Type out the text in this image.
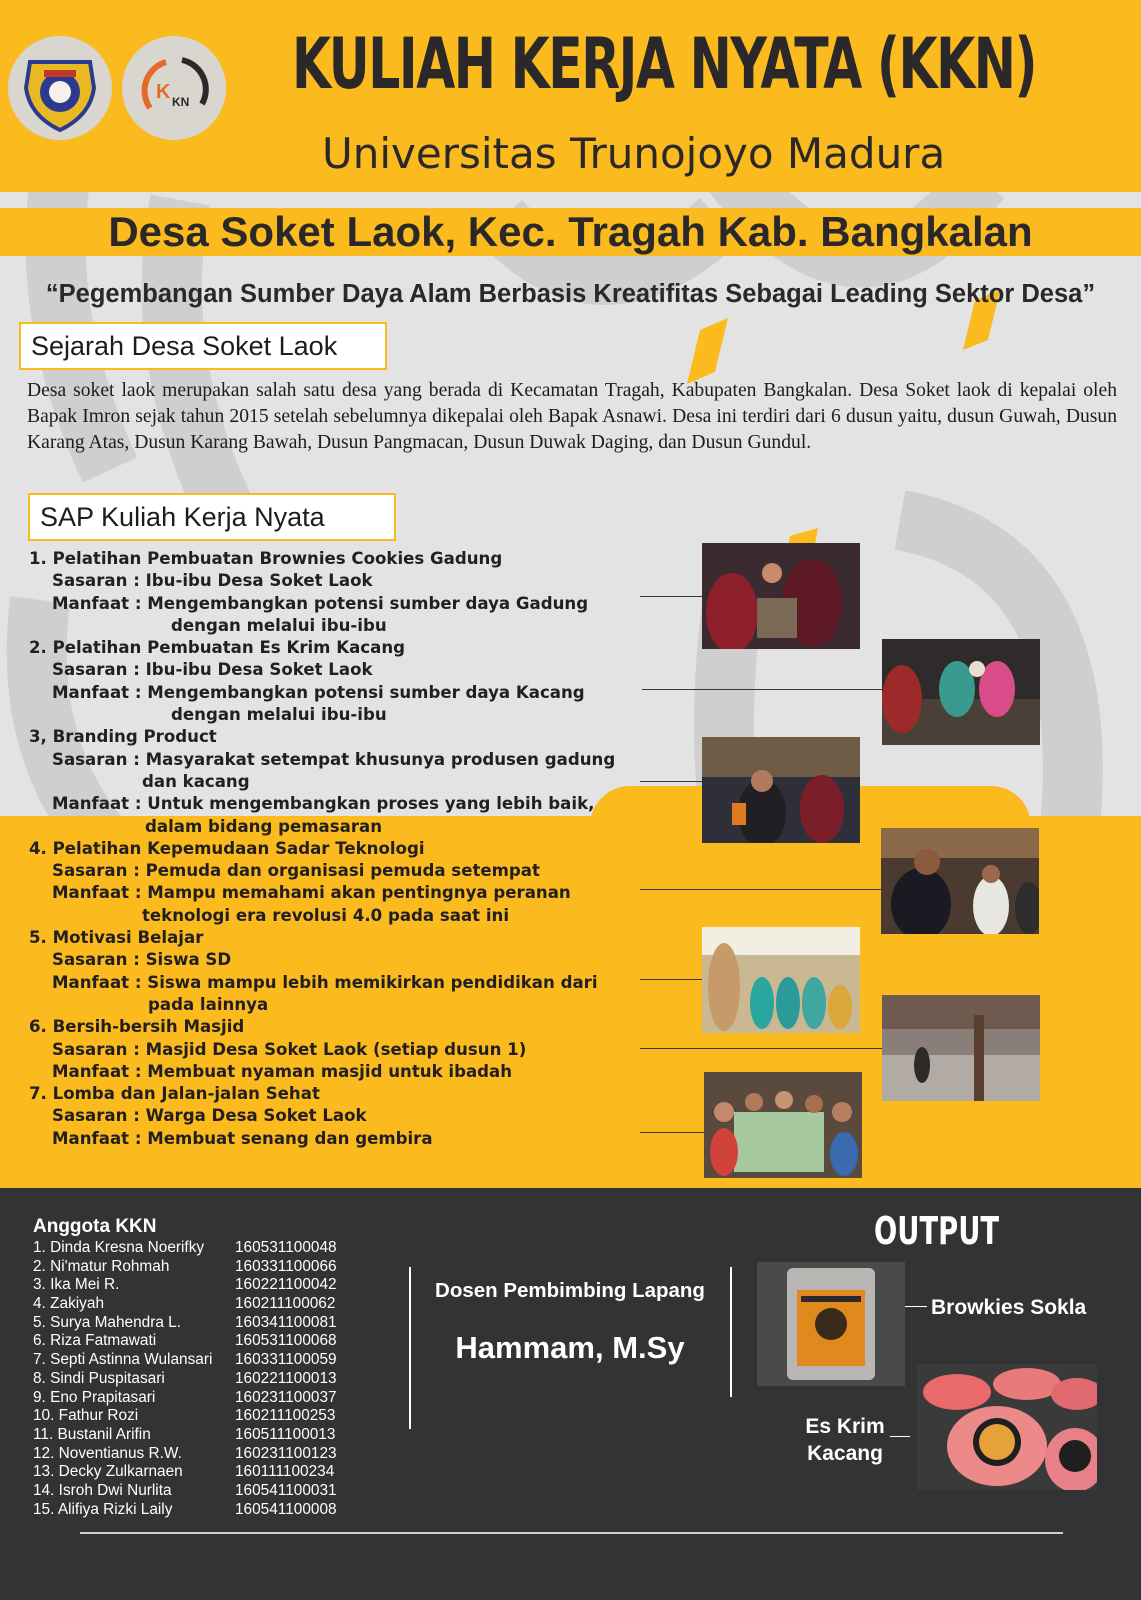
K KN KULIAH KERJA NYATA (KKN)
Universitas Trunojoyo Madura
Desa Soket Laok, Kec. Tragah Kab. Bangkalan
“Pegembangan Sumber Daya Alam Berbasis Kreatifitas Sebagai Leading Sektor Desa”
Sejarah Desa Soket Laok
Desa soket laok merupakan salah satu desa yang berada di Kecamatan Tragah, Kabupaten Bangkalan. Desa Soket laok di kepalai oleh Bapak Imron sejak tahun 2015 setelah sebelumnya dikepalai oleh Bapak Asnawi. Desa ini terdiri dari 6 dusun yaitu, dusun Guwah, Dusun Karang Atas, Dusun Karang Bawah, Dusun Pangmacan, Dusun Duwak Daging, dan Dusun Gundul.
SAP Kuliah Kerja Nyata
1. Pelatihan Pembuatan Brownies Cookies Gadung
Sasaran : Ibu-ibu Desa Soket Laok
Manfaat : Mengembangkan potensi sumber daya Gadung
dengan melalui ibu-ibu
2. Pelatihan Pembuatan Es Krim Kacang
Sasaran : Ibu-ibu Desa Soket Laok
Manfaat : Mengembangkan potensi sumber daya Kacang
dengan melalui ibu-ibu
3, Branding Product
Sasaran : Masyarakat setempat khusunya produsen gadung
dan kacang
Manfaat : Untuk mengembangkan proses yang lebih baik,
dalam bidang pemasaran
4. Pelatihan Kepemudaan Sadar Teknologi
Sasaran : Pemuda dan organisasi pemuda setempat
Manfaat : Mampu memahami akan pentingnya peranan
teknologi era revolusi 4.0 pada saat ini
5. Motivasi Belajar
Sasaran : Siswa SD
Manfaat : Siswa mampu lebih memikirkan pendidikan dari
pada lainnya
6. Bersih-bersih Masjid
Sasaran : Masjid Desa Soket Laok (setiap dusun 1)
Manfaat : Membuat nyaman masjid untuk ibadah
7. Lomba dan Jalan-jalan Sehat
Sasaran : Warga Desa Soket Laok
Manfaat : Membuat senang dan gembira
Anggota KKN
1. Dinda Kresna Noerifky 160531100048
2. Ni'matur Rohmah	160331100066
3. Ika Mei R.	160221100042
4. Zakiyah	160211100062
5. Surya Mahendra L.	160341100081
6. Riza Fatmawati	160531100068
7. Septi Astinna Wulansari 160331100059
8. Sindi Puspitasari	160221100013
9. Eno Prapitasari	160231100037
10. Fathur Rozi	160211100253
11. Bustanil Arifin	160511100013
12. Noventianus R.W.	160231100123
13. Decky Zulkarnaen	160111100234
14. Isroh Dwi Nurlita	160541100031
15. Alifiya Rizki Laily	160541100008
Dosen Pembimbing Lapang
Hammam, M.Sy
OUTPUT
Browkies Sokla
Es Krim
Kacang
